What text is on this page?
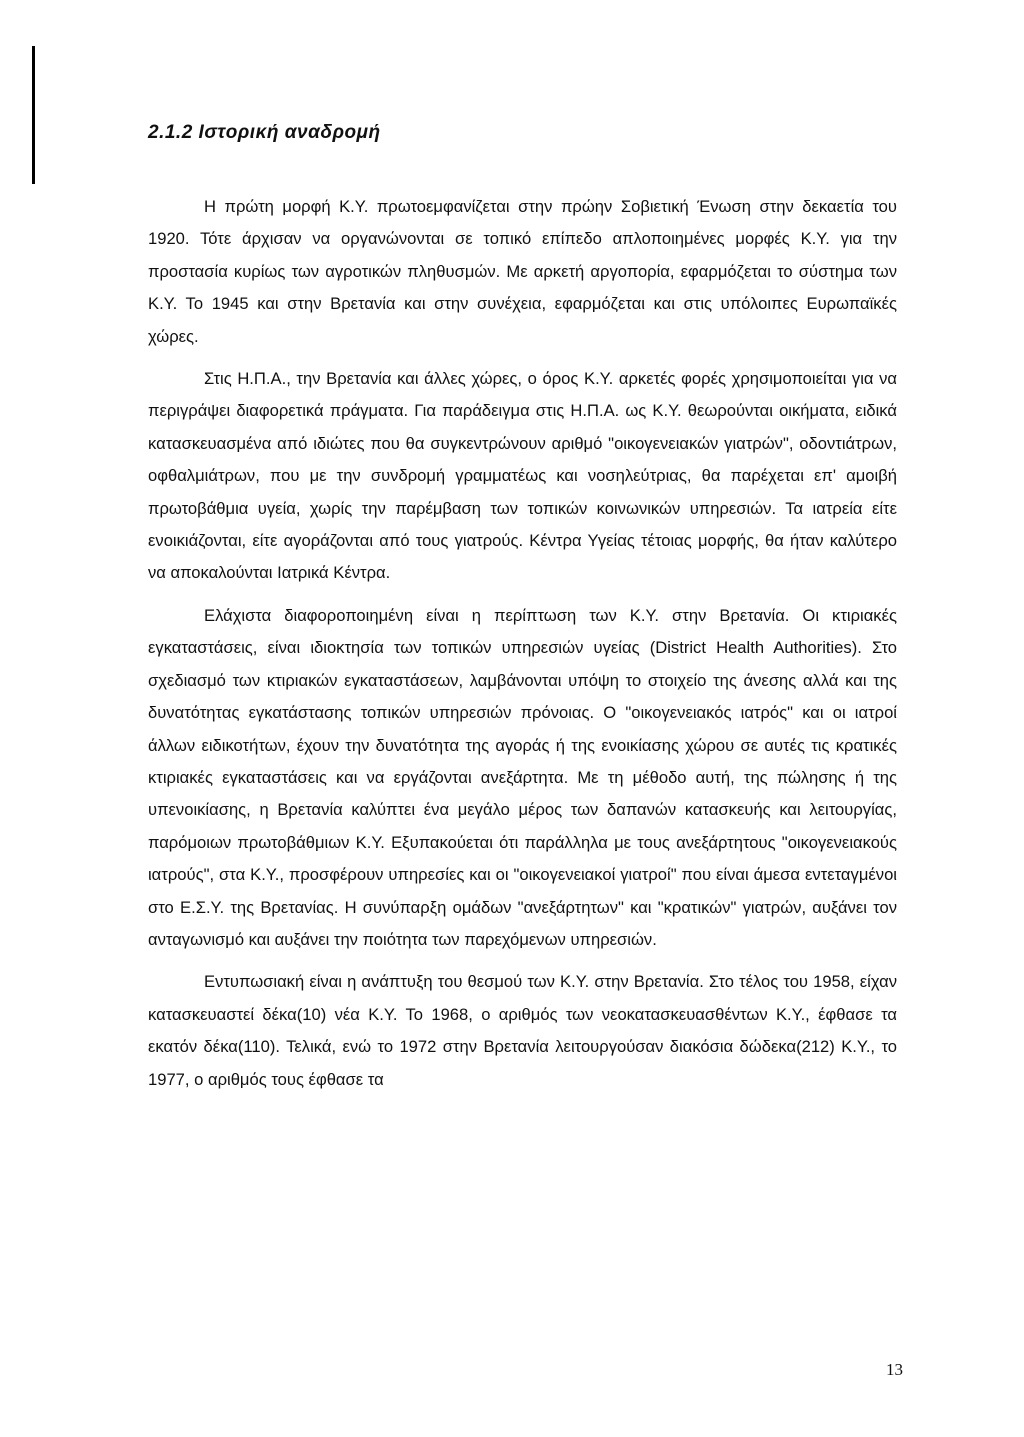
2.1.2 Ιστορική αναδρομή

Η πρώτη μορφή Κ.Υ. πρωτοεμφανίζεται στην πρώην Σοβιετική Ένωση στην δεκαετία του 1920. Τότε άρχισαν να οργανώνονται σε τοπικό επίπεδο απλοποιημένες μορφές Κ.Υ. για την προστασία κυρίως των αγροτικών πληθυσμών. Με αρκετή αργοπορία, εφαρμόζεται το σύστημα των Κ.Υ. Το 1945 και στην Βρετανία και στην συνέχεια, εφαρμόζεται και στις υπόλοιπες Ευρωπαϊκές χώρες.

Στις Η.Π.Α., την Βρετανία και άλλες χώρες, ο όρος Κ.Υ. αρκετές φορές χρησιμοποιείται για να περιγράψει διαφορετικά πράγματα. Για παράδειγμα στις Η.Π.Α. ως Κ.Υ. θεωρούνται οικήματα, ειδικά κατασκευασμένα από ιδιώτες που θα συγκεντρώνουν αριθμό "οικογενειακών γιατρών", οδοντιάτρων, οφθαλμιάτρων, που με την συνδρομή γραμματέως και νοσηλεύτριας, θα παρέχεται επ' αμοιβή πρωτοβάθμια υγεία, χωρίς την παρέμβαση των τοπικών κοινωνικών υπηρεσιών. Τα ιατρεία είτε ενοικιάζονται, είτε αγοράζονται από τους γιατρούς. Κέντρα Υγείας τέτοιας μορφής, θα ήταν καλύτερο να αποκαλούνται Ιατρικά Κέντρα.

Ελάχιστα διαφοροποιημένη είναι η περίπτωση των Κ.Υ. στην Βρετανία. Οι κτιριακές εγκαταστάσεις, είναι ιδιοκτησία των τοπικών υπηρεσιών υγείας (District Health Authorities). Στο σχεδιασμό των κτιριακών εγκαταστάσεων, λαμβάνονται υπόψη το στοιχείο της άνεσης αλλά και της δυνατότητας εγκατάστασης τοπικών υπηρεσιών πρόνοιας. Ο "οικογενειακός ιατρός" και οι ιατροί άλλων ειδικοτήτων, έχουν την δυνατότητα της αγοράς ή της ενοικίασης χώρου σε αυτές τις κρατικές κτιριακές εγκαταστάσεις και να εργάζονται ανεξάρτητα. Με τη μέθοδο αυτή, της πώλησης ή της υπενοικίασης, η Βρετανία καλύπτει ένα μεγάλο μέρος των δαπανών κατασκευής και λειτουργίας, παρόμοιων πρωτοβάθμιων Κ.Υ. Εξυπακούεται ότι παράλληλα με τους ανεξάρτητους "οικογενειακούς ιατρούς", στα Κ.Υ., προσφέρουν υπηρεσίες και οι "οικογενειακοί γιατροί" που είναι άμεσα εντεταγμένοι στο Ε.Σ.Υ. της Βρετανίας. Η συνύπαρξη ομάδων "ανεξάρτητων" και "κρατικών" γιατρών, αυξάνει τον ανταγωνισμό και αυξάνει την ποιότητα των παρεχόμενων υπηρεσιών.

Εντυπωσιακή είναι η ανάπτυξη του θεσμού των Κ.Υ. στην Βρετανία. Στο τέλος του 1958, είχαν κατασκευαστεί δέκα(10) νέα Κ.Υ. Το 1968, ο αριθμός των νεοκατασκευασθέντων Κ.Υ., έφθασε τα εκατόν δέκα(110). Τελικά, ενώ το 1972 στην Βρετανία λειτουργούσαν διακόσια δώδεκα(212) Κ.Υ., το 1977, ο αριθμός τους έφθασε τα

13
